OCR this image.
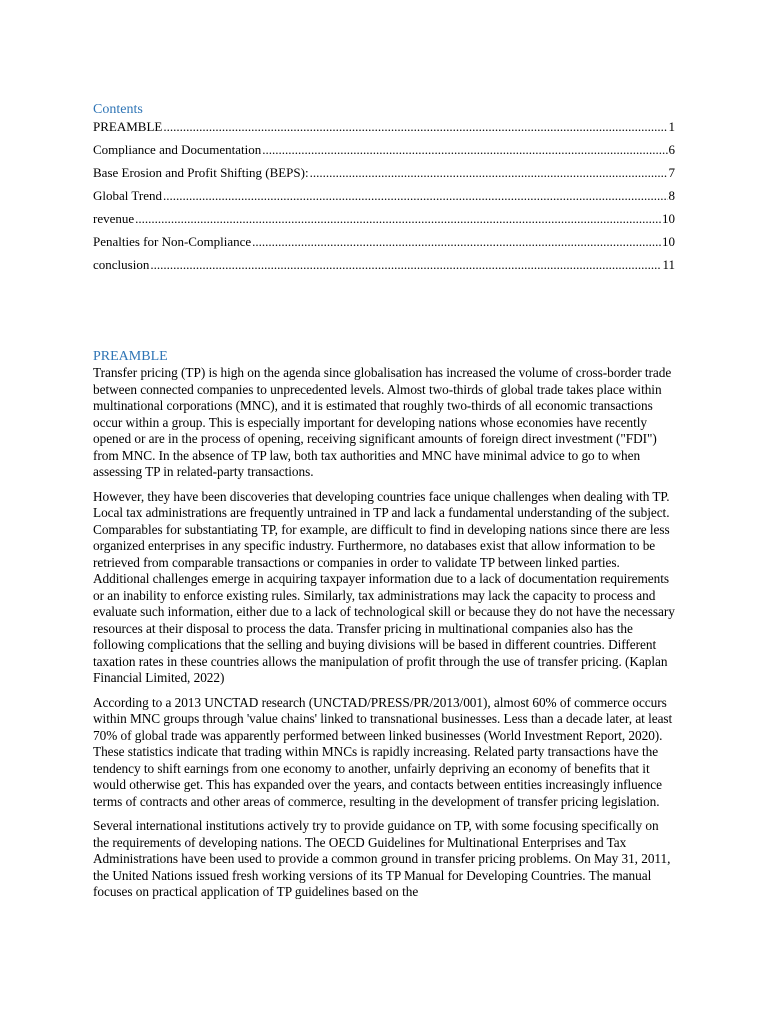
Contents
PREAMBLE .....	1
Compliance and Documentation .....	6
Base Erosion and Profit Shifting (BEPS): .....	7
Global Trend .....	8
revenue .....	10
Penalties for Non-Compliance .....	10
conclusion .....	11
PREAMBLE

Transfer pricing (TP) is high on the agenda since globalisation has increased the volume of cross-border trade between connected companies to unprecedented levels. Almost two-thirds of global trade takes place within multinational corporations (MNC), and it is estimated that roughly two-thirds of all economic transactions occur within a group. This is especially important for developing nations whose economies have recently opened or are in the process of opening, receiving significant amounts of foreign direct investment ("FDI") from MNC. In the absence of TP law, both tax authorities and MNC have minimal advice to go to when assessing TP in related-party transactions.

However, they have been discoveries that developing countries face unique challenges when dealing with TP. Local tax administrations are frequently untrained in TP and lack a fundamental understanding of the subject. Comparables for substantiating TP, for example, are difficult to find in developing nations since there are less organized enterprises in any specific industry. Furthermore, no databases exist that allow information to be retrieved from comparable transactions or companies in order to validate TP between linked parties. Additional challenges emerge in acquiring taxpayer information due to a lack of documentation requirements or an inability to enforce existing rules. Similarly, tax administrations may lack the capacity to process and evaluate such information, either due to a lack of technological skill or because they do not have the necessary resources at their disposal to process the data. Transfer pricing in multinational companies also has the following complications that the selling and buying divisions will be based in different countries. Different taxation rates in these countries allows the manipulation of profit through the use of transfer pricing. (Kaplan Financial Limited, 2022)

According to a 2013 UNCTAD research (UNCTAD/PRESS/PR/2013/001), almost 60% of commerce occurs within MNC groups through 'value chains' linked to transnational businesses. Less than a decade later, at least 70% of global trade was apparently performed between linked businesses (World Investment Report, 2020). These statistics indicate that trading within MNCs is rapidly increasing. Related party transactions have the tendency to shift earnings from one economy to another, unfairly depriving an economy of benefits that it would otherwise get. This has expanded over the years, and contacts between entities increasingly influence terms of contracts and other areas of commerce, resulting in the development of transfer pricing legislation.

Several international institutions actively try to provide guidance on TP, with some focusing specifically on the requirements of developing nations. The OECD Guidelines for Multinational Enterprises and Tax Administrations have been used to provide a common ground in transfer pricing problems. On May 31, 2011, the United Nations issued fresh working versions of its TP Manual for Developing Countries. The manual focuses on practical application of TP guidelines based on the
